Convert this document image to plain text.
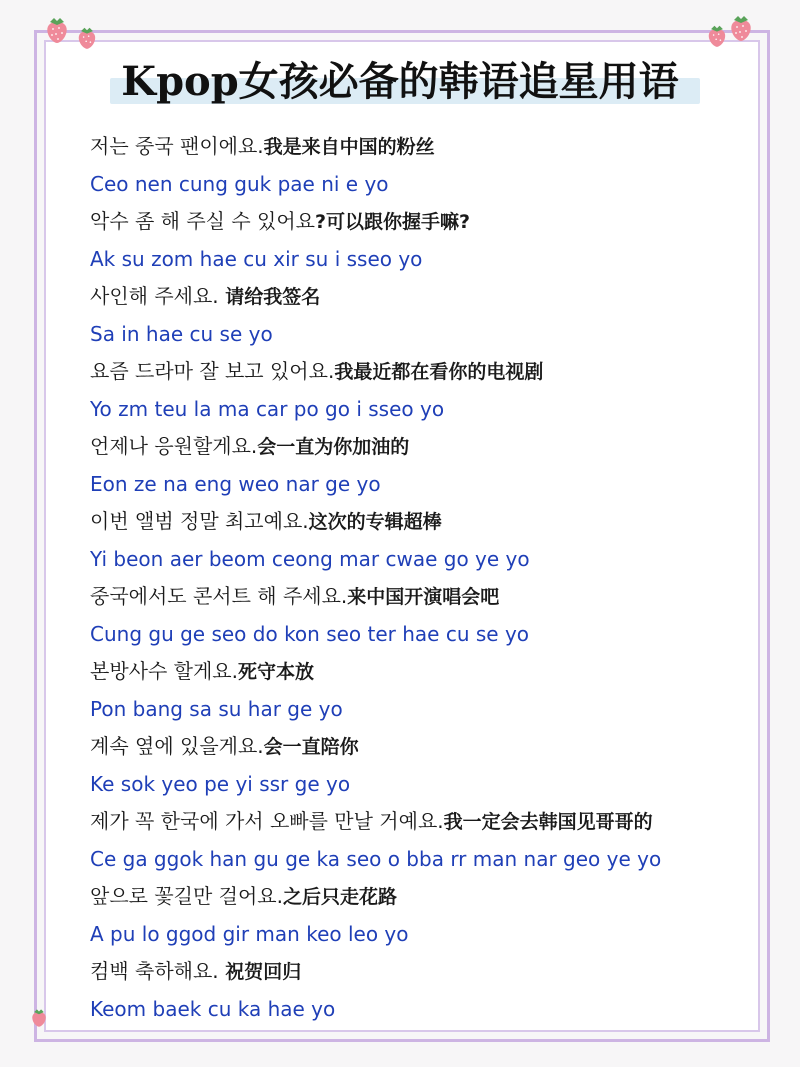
Kpop女孩必备的韩语追星用语
저는 중국 팬이에요.我是来自中国的粉丝
Ceo nen cung guk pae ni e yo
악수 좀 해 주실 수 있어요?可以跟你握手嘛?
Ak su zom hae cu xir su i sseo yo
사인해 주세요. 请给我签名
Sa in hae cu se yo
요즘 드라마 잘 보고 있어요.我最近都在看你的电视剧
Yo zm teu la ma car po go i sseo yo
언제나 응원할게요.会一直为你加油的
Eon ze na eng weo nar ge yo
이번 앨범 정말 최고예요.这次的专辑超棒
Yi beon aer beom ceong mar cwae go ye yo
중국에서도 콘서트 해 주세요.来中国开演唱会吧
Cung gu ge seo do kon seo ter hae cu se yo
본방사수 할게요.死守本放
Pon bang sa su har ge yo
계속 옆에 있을게요.会一直陪你
Ke sok yeo pe yi ssr ge yo
제가 꼭 한국에 가서 오빠를 만날 거예요.我一定会去韩国见哥哥的
Ce ga ggok han gu ge ka seo o bba rr man nar geo ye yo
앞으로 꽃길만 걸어요.之后只走花路
A pu lo ggod gir man keo leo yo
컴백 축하해요. 祝贺回归
Keom baek cu ka hae yo
